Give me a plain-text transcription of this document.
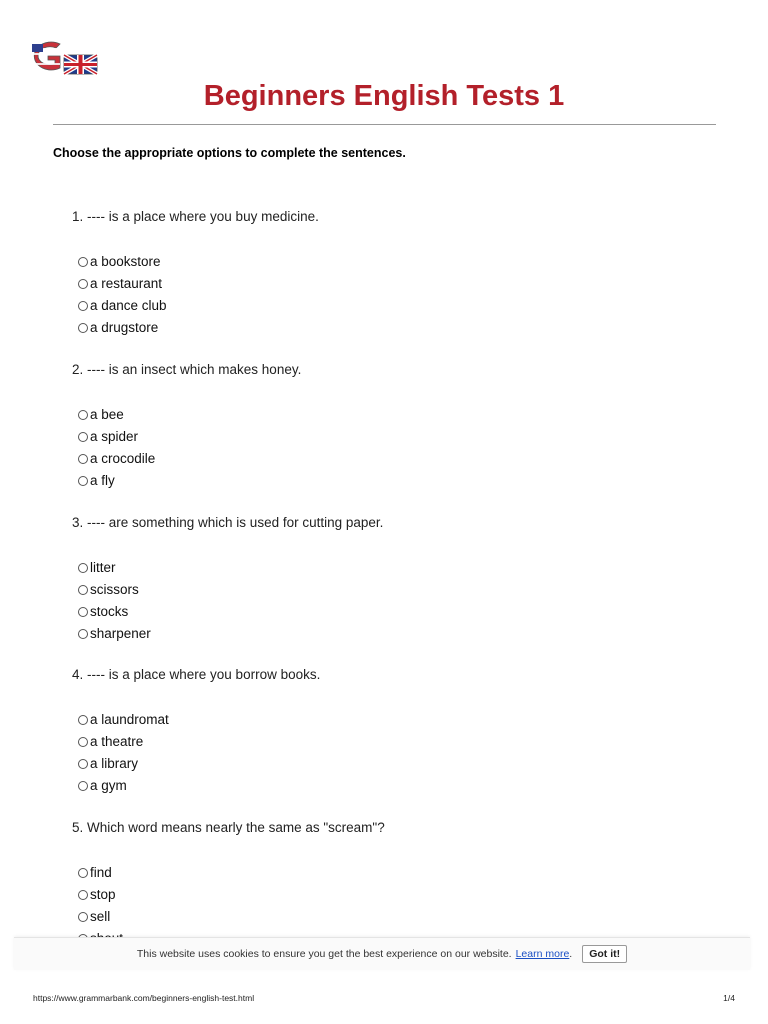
Beginners English Tests 1

Choose the appropriate options to complete the sentences.

1. ---- is a place where you buy medicine.

a bookstore
a restaurant
a dance club
a drugstore

2. ---- is an insect which makes honey.

a bee
a spider
a crocodile
a fly

3. ---- are something which is used for cutting paper.

litter
scissors
stocks
sharpener

4. ---- is a place where you borrow books.

a laundromat
a theatre
a library
a gym

5. Which word means nearly the same as "scream"?

find
stop
sell
This website uses cookies to ensure you get the best experience on our website. Learn more .	Got it!
https://www.grammarbank.com/beginners-english-test.html	1/4
